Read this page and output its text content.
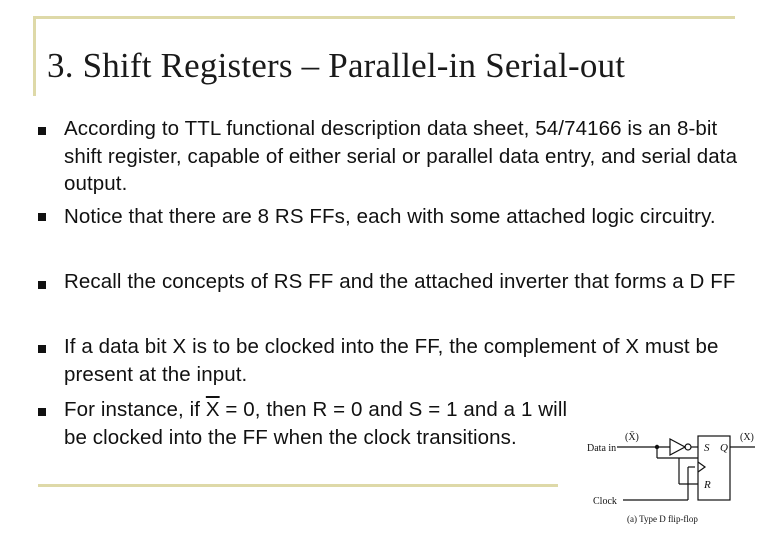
3. Shift Registers – Parallel-in Serial-out
According to TTL functional description data sheet, 54/74166 is an 8-bit shift register, capable of either serial or parallel data entry, and serial data output.
Notice that there are 8 RS FFs, each with some attached logic circuitry.
Recall the concepts of RS FF and the attached inverter that forms a D FF
If a data bit X is to be clocked into the FF, the complement of X must be present at the input.
For instance, if $\overline{X} = 0$, then R = 0 and S = 1 and a 1 will be clocked into the FF when the clock transitions.	Data in
(X̄)
S
R
Q
(X)
Clock
(a) Type D flip-flop
